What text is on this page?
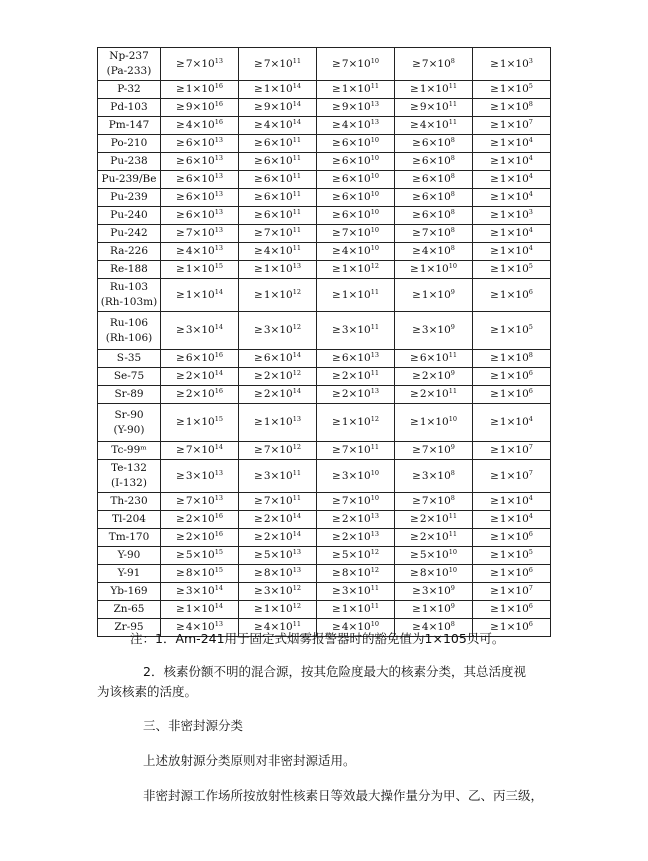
Np-237
(Pa-233)	$\ge 7\times 10^{13}$	$\ge 7\times 10^{11}$	$\ge 7\times 10^{10}$	$\ge 7\times 10^8$	$\ge 1\times 10^3$

P-32	$\ge 1\times 10^{16}$	$\ge 1\times 10^{14}$	$\ge 1\times 10^{11}$	$\ge 1\times 10^{11}$	$\ge 1\times 10^5$

Pd-103	$\ge 9\times 10^{16}$	$\ge 9\times 10^{14}$	$\ge 9\times 10^{13}$	$\ge 9\times 10^{11}$	$\ge 1\times 10^8$

Pm-147	$\ge 4\times 10^{16}$	$\ge 4\times 10^{14}$	$\ge 4\times 10^{13}$	$\ge 4\times 10^{11}$	$\ge 1\times 10^7$

Po-210	$\ge 6\times 10^{13}$	$\ge 6\times 10^{11}$	$\ge 6\times 10^{10}$	$\ge 6\times 10^8$	$\ge 1\times 10^4$

Pu-238	$\ge 6\times 10^{13}$	$\ge 6\times 10^{11}$	$\ge 6\times 10^{10}$	$\ge 6\times 10^8$	$\ge 1\times 10^4$

Pu-239/Be	$\ge 6\times 10^{13}$	$\ge 6\times 10^{11}$	$\ge 6\times 10^{10}$	$\ge 6\times 10^8$	$\ge 1\times 10^4$

Pu-239	$\ge 6\times 10^{13}$	$\ge 6\times 10^{11}$	$\ge 6\times 10^{10}$	$\ge 6\times 10^8$	$\ge 1\times 10^4$

Pu-240	$\ge 6\times 10^{13}$	$\ge 6\times 10^{11}$	$\ge 6\times 10^{10}$	$\ge 6\times 10^8$	$\ge 1\times 10^3$

Pu-242	$\ge 7\times 10^{13}$	$\ge 7\times 10^{11}$	$\ge 7\times 10^{10}$	$\ge 7\times 10^8$	$\ge 1\times 10^4$

Ra-226	$\ge 4\times 10^{13}$	$\ge 4\times 10^{11}$	$\ge 4\times 10^{10}$	$\ge 4\times 10^8$	$\ge 1\times 10^4$

Re-188	$\ge 1\times 10^{15}$	$\ge 1\times 10^{13}$	$\ge 1\times 10^{12}$	$\ge 1\times 10^{10}$	$\ge 1\times 10^5$

Ru-103
(Rh-103m)	$\ge 1\times 10^{14}$	$\ge 1\times 10^{12}$	$\ge 1\times 10^{11}$	$\ge 1\times 10^9$	$\ge 1\times 10^6$

Ru-106
(Rh-106)	$\ge 3\times 10^{14}$	$\ge 3\times 10^{12}$	$\ge 3\times 10^{11}$	$\ge 3\times 10^9$	$\ge 1\times 10^5$

S-35	$\ge 6\times 10^{16}$	$\ge 6\times 10^{14}$	$\ge 6\times 10^{13}$	$\ge 6\times 10^{11}$	$\ge 1\times 10^8$

Se-75	$\ge 2\times 10^{14}$	$\ge 2\times 10^{12}$	$\ge 2\times 10^{11}$	$\ge 2\times 10^9$	$\ge 1\times 10^6$

Sr-89	$\ge 2\times 10^{16}$	$\ge 2\times 10^{14}$	$\ge 2\times 10^{13}$	$\ge 2\times 10^{11}$	$\ge 1\times 10^6$

Sr-90
(Y-90)	$\ge 1\times 10^{15}$	$\ge 1\times 10^{13}$	$\ge 1\times 10^{12}$	$\ge 1\times 10^{10}$	$\ge 1\times 10^4$

Tc-99ᵐ	$\ge 7\times 10^{14}$	$\ge 7\times 10^{12}$	$\ge 7\times 10^{11}$	$\ge 7\times 10^9$	$\ge 1\times 10^7$

Te-132
(I-132)	$\ge 3\times 10^{13}$	$\ge 3\times 10^{11}$	$\ge 3\times 10^{10}$	$\ge 3\times 10^8$	$\ge 1\times 10^7$

Th-230	$\ge 7\times 10^{13}$	$\ge 7\times 10^{11}$	$\ge 7\times 10^{10}$	$\ge 7\times 10^8$	$\ge 1\times 10^4$

Tl-204	$\ge 2\times 10^{16}$	$\ge 2\times 10^{14}$	$\ge 2\times 10^{13}$	$\ge 2\times 10^{11}$	$\ge 1\times 10^4$

Tm-170	$\ge 2\times 10^{16}$	$\ge 2\times 10^{14}$	$\ge 2\times 10^{13}$	$\ge 2\times 10^{11}$	$\ge 1\times 10^6$

Y-90	$\ge 5\times 10^{15}$	$\ge 5\times 10^{13}$	$\ge 5\times 10^{12}$	$\ge 5\times 10^{10}$	$\ge 1\times 10^5$

Y-91	$\ge 8\times 10^{15}$	$\ge 8\times 10^{13}$	$\ge 8\times 10^{12}$	$\ge 8\times 10^{10}$	$\ge 1\times 10^6$

Yb-169	$\ge 3\times 10^{14}$	$\ge 3\times 10^{12}$	$\ge 3\times 10^{11}$	$\ge 3\times 10^9$	$\ge 1\times 10^7$

Zn-65	$\ge 1\times 10^{14}$	$\ge 1\times 10^{12}$	$\ge 1\times 10^{11}$	$\ge 1\times 10^9$	$\ge 1\times 10^6$

Zr-95	$\ge 4\times 10^{13}$	$\ge 4\times 10^{11}$	$\ge 4\times 10^{10}$	$\ge 4\times 10^8$	$\ge 1\times 10^6$

注：1．Am-241用于固定式烟雾报警器时的豁免值为1×105贝可。

2．核素份额不明的混合源，按其危险度最大的核素分类，其总活度视

为该核素的活度。

三、非密封源分类

上述放射源分类原则对非密封源适用。

非密封源工作场所按放射性核素日等效最大操作量分为甲、乙、丙三级，
